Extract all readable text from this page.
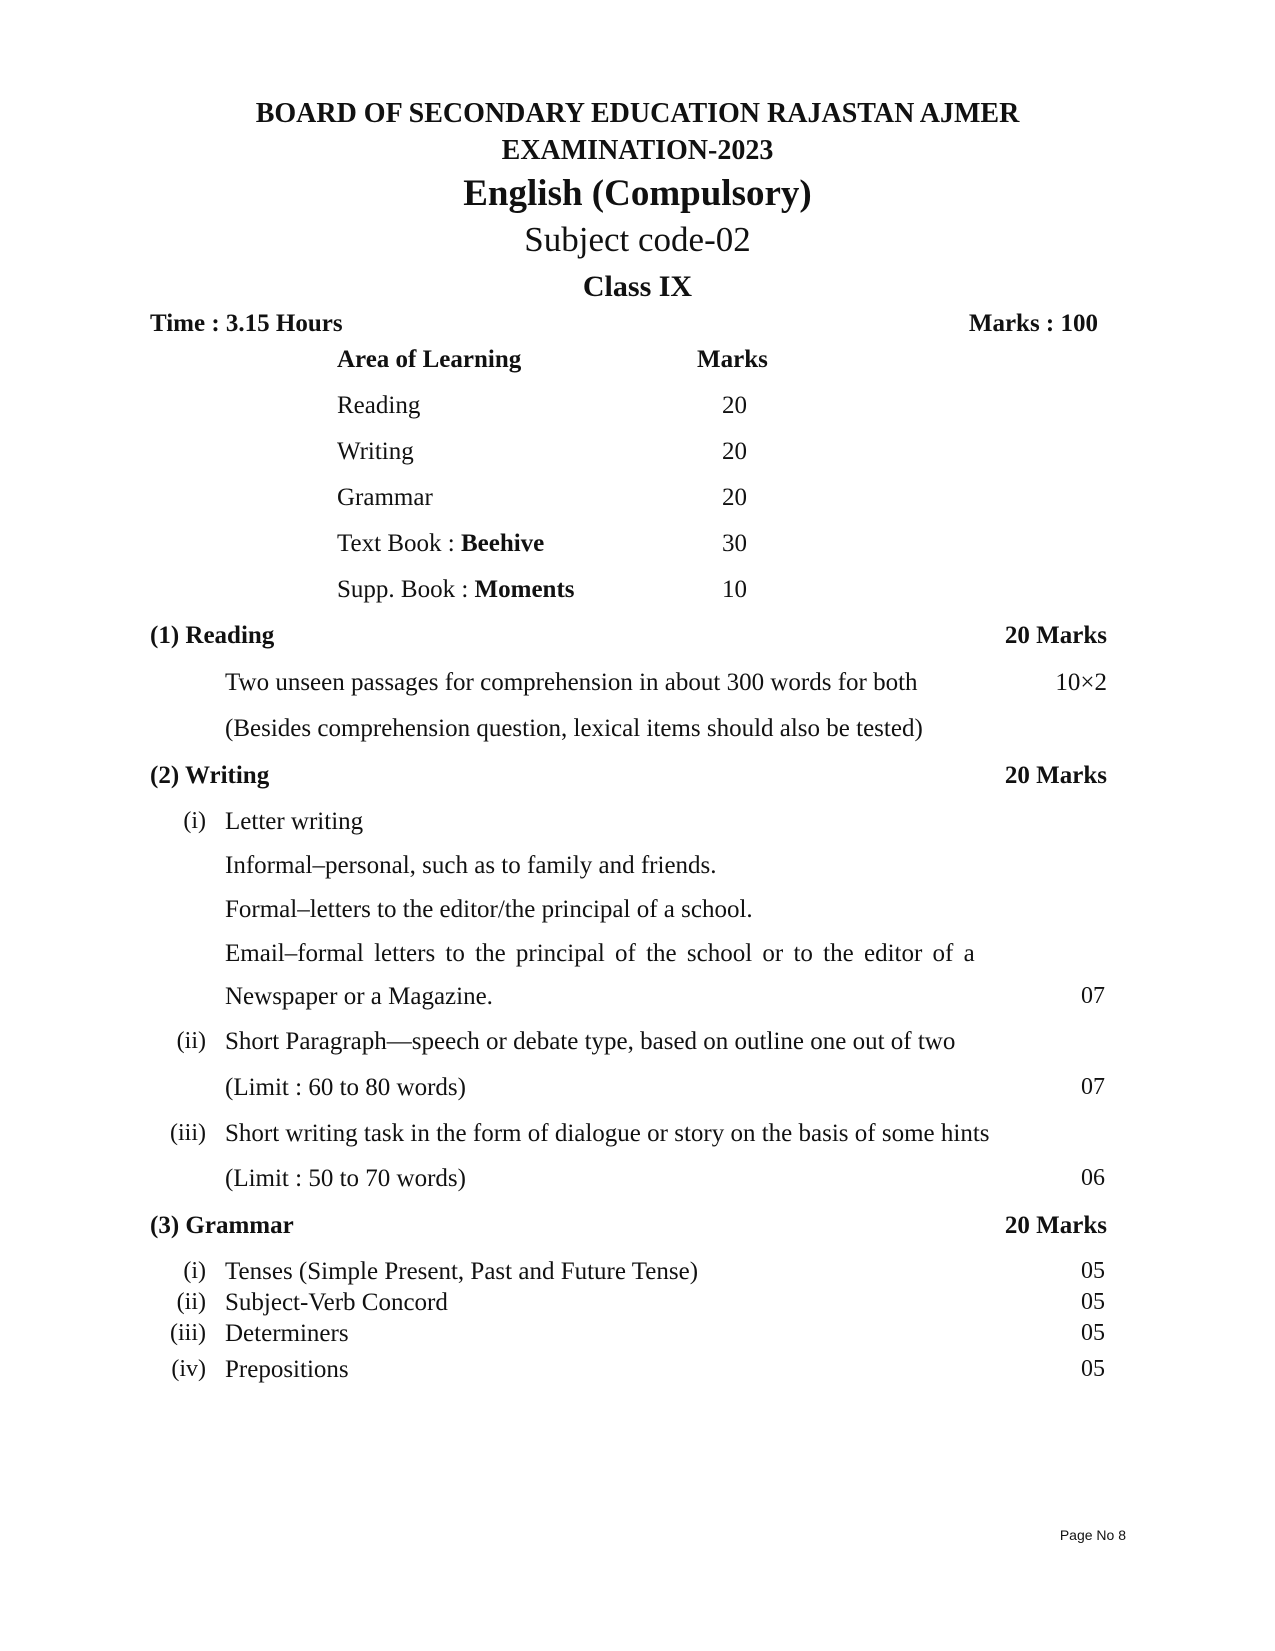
BOARD OF SECONDARY EDUCATION RAJASTAN AJMER
EXAMINATION-2023
English (Compulsory)
Subject code-02
Class IX
Time : 3.15 Hours	Marks : 100
Area of Learning	Marks
Reading	20
Writing	20
Grammar	20
Text Book : Beehive	30
Supp. Book : Moments	10
(1) Reading	20 Marks
Two unseen passages for comprehension in about 300 words for both	10×2
(Besides comprehension question, lexical items should also be tested)
(2) Writing	20 Marks
(i) Letter writing
Informal–personal, such as to family and friends.
Formal–letters to the editor/the principal of a school.
Email–formal letters to the principal of the school or to the editor of a
Newspaper or a Magazine.	07
(ii) Short Paragraph—speech or debate type, based on outline one out of two
(Limit : 60 to 80 words)	07
(iii) Short writing task in the form of dialogue or story on the basis of some hints
(Limit : 50 to 70 words)	06
(3) Grammar	20 Marks
(i) Tenses (Simple Present, Past and Future Tense)	05
(ii) Subject-Verb Concord	05
(iii) Determiners	05
(iv) Prepositions	05
Page No 8
